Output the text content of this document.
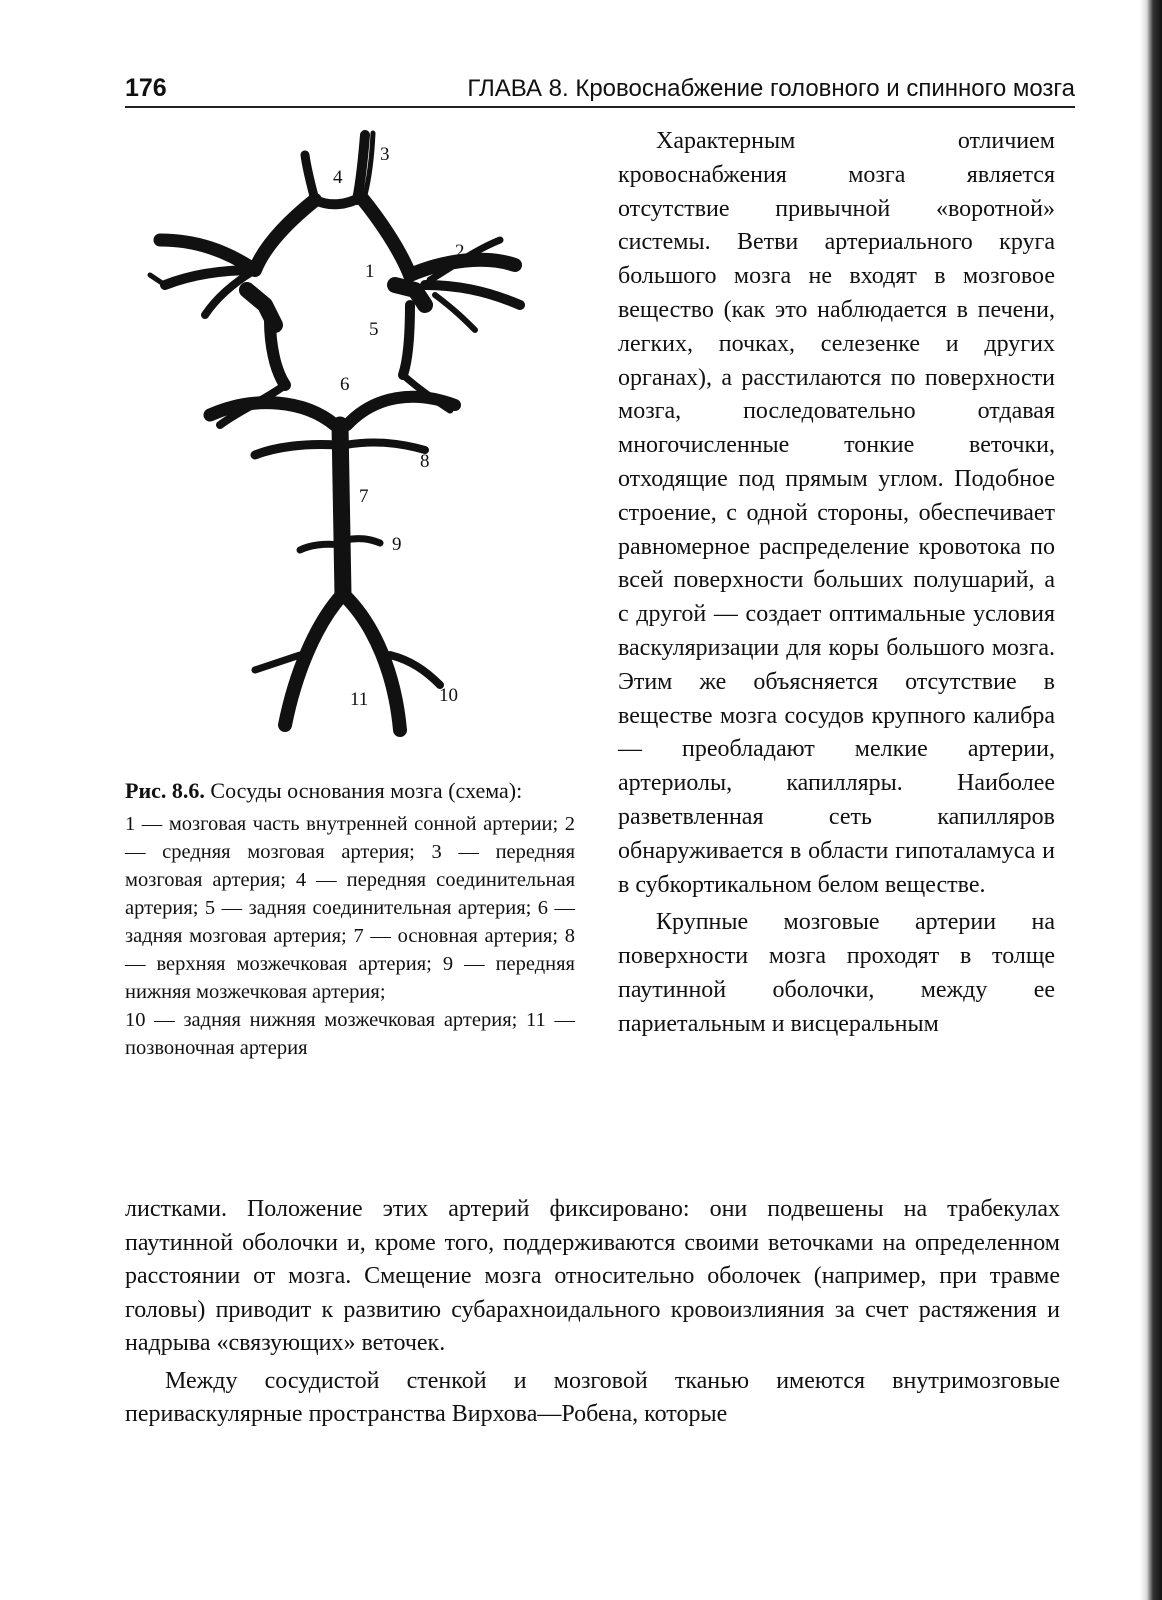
176	ГЛАВА 8. Кровоснабжение головного и спинного мозга
3
4
2
1
5
6
8
7
9
10
11
Рис. 8.6. Сосуды основания мозга (схема):

1 — мозговая часть внутренней сонной артерии; 2 — средняя мозговая артерия; 3 — передняя мозговая артерия; 4 — передняя соединительная артерия; 5 — задняя соединительная артерия; 6 — задняя мозговая артерия; 7 — основная артерия; 8 — верхняя мозжечковая артерия; 9 — передняя нижняя мозжечковая артерия;

10 — задняя нижняя мозжечковая артерия; 11 — позвоночная артерия

Характерным отличием кровоснабжения мозга является отсутствие привычной «воротной» системы. Ветви артериального круга большого мозга не входят в мозговое вещество (как это наблюдается в печени, легких, почках, селезенке и других органах), а расстилаются по поверхности мозга, последовательно отдавая многочисленные тонкие веточки, отходящие под прямым углом. Подобное строение, с одной стороны, обеспечивает равномерное распределение кровотока по всей поверхности больших полушарий, а с другой — создает оптимальные условия васкуляризации для коры большого мозга. Этим же объясняется отсутствие в веществе мозга сосудов крупного калибра — преобладают мелкие артерии, артериолы, капилляры. Наиболее разветвленная сеть капилляров обнаруживается в области гипоталамуса и в субкортикальном белом веществе.

Крупные мозговые артерии на поверхности мозга проходят в толще паутинной оболочки, между ее париетальным и висцеральным

листками. Положение этих артерий фиксировано: они подвешены на трабекулах паутинной оболочки и, кроме того, поддерживаются своими веточками на определенном расстоянии от мозга. Смещение мозга относительно оболочек (например, при травме головы) приводит к развитию субарахноидального кровоизлияния за счет растяжения и надрыва «связующих» веточек.

Между сосудистой стенкой и мозговой тканью имеются внутримозговые периваскулярные пространства Вирхова—Робена, которые
